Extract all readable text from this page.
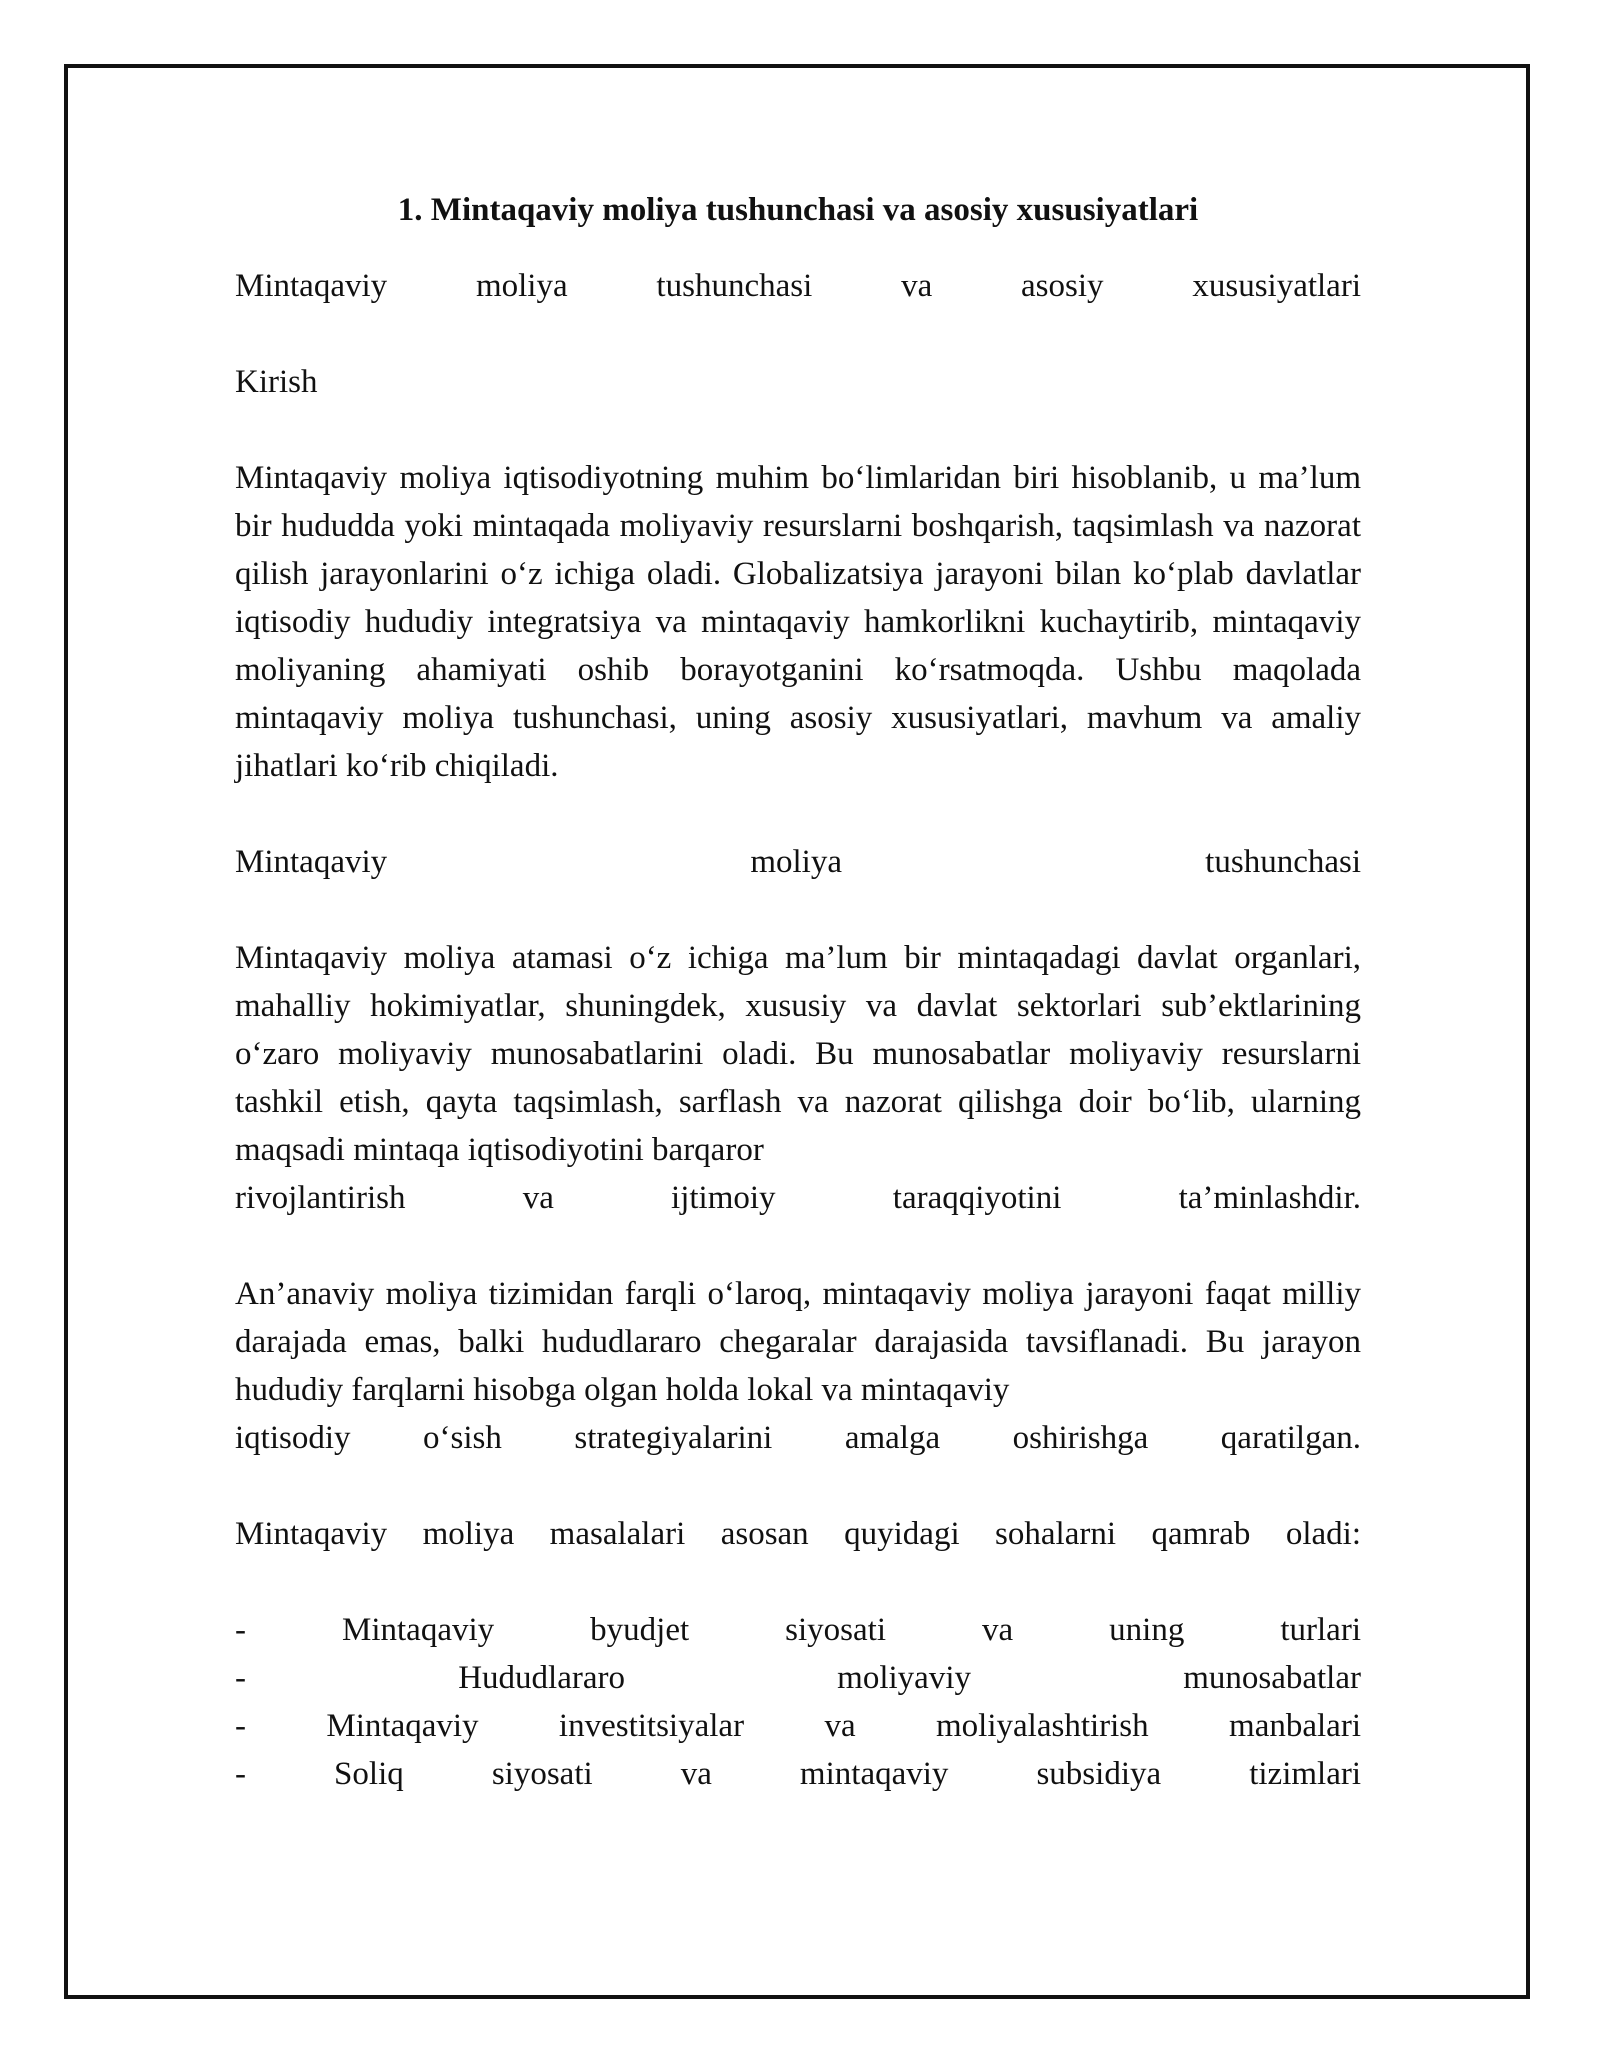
1. Mintaqaviy moliya tushunchasi va asosiy xususiyatlari

Mintaqaviy moliya tushunchasi va asosiy xususiyatlari

Kirish

Mintaqaviy moliya iqtisodiyotning muhim bo‘limlaridan biri hisoblanib, u ma’lum bir hududda yoki mintaqada moliyaviy resurslarni boshqarish, taqsimlash va nazorat qilish jarayonlarini o‘z ichiga oladi. Globalizatsiya jarayoni bilan ko‘plab davlatlar iqtisodiy hududiy integratsiya va mintaqaviy hamkorlikni kuchaytirib, mintaqaviy moliyaning ahamiyati oshib borayotganini ko‘rsatmoqda. Ushbu maqolada mintaqaviy moliya tushunchasi, uning asosiy xususiyatlari, mavhum va amaliy jihatlari ko‘rib chiqiladi.

Mintaqaviy moliya tushunchasi

Mintaqaviy moliya atamasi o‘z ichiga ma’lum bir mintaqadagi davlat organlari, mahalliy hokimiyatlar, shuningdek, xususiy va davlat sektorlari sub’ektlarining o‘zaro moliyaviy munosabatlarini oladi. Bu munosabatlar moliyaviy resurslarni tashkil etish, qayta taqsimlash, sarflash va nazorat qilishga doir bo‘lib, ularning maqsadi mintaqa iqtisodiyotini barqaror
rivojlantirish va ijtimoiy taraqqiyotini ta’minlashdir.

An’anaviy moliya tizimidan farqli o‘laroq, mintaqaviy moliya jarayoni faqat milliy darajada emas, balki hududlararo chegaralar darajasida tavsiflanadi. Bu jarayon hududiy farqlarni hisobga olgan holda lokal va mintaqaviy
iqtisodiy o‘sish strategiyalarini amalga oshirishga qaratilgan.

Mintaqaviy moliya masalalari asosan quyidagi sohalarni qamrab oladi:

- Mintaqaviy byudjet siyosati va uning turlari
- Hududlararo moliyaviy munosabatlar
- Mintaqaviy investitsiyalar va moliyalashtirish manbalari
- Soliq siyosati va mintaqaviy subsidiya tizimlari
